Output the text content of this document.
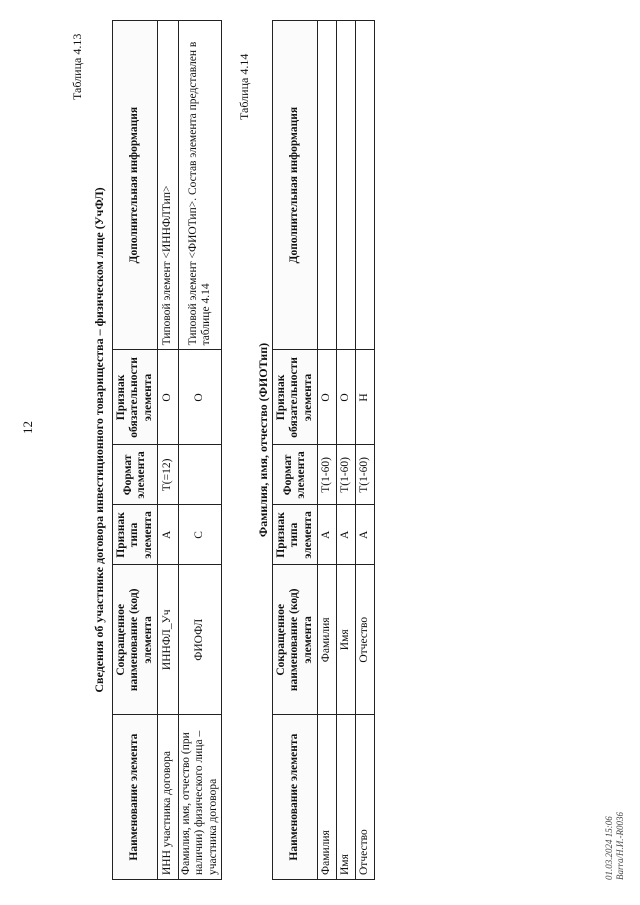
12
Таблица 4.13
Сведения об участнике договора инвестиционного товарищества – физическом лице (УчФЛ)
Наименование элемента	Сокращенное наименование (код) элемента	Признак типа элемента	Формат элемента	Признак обязательности элемента	Дополнительная информация
ИНН участника договора	ИННФЛ_Уч	А	T(=12)	О	Типовой элемент <ИННФЛТип>
Фамилия, имя, отчество (при наличии) физического лица – участника договора	ФИОФЛ	С		О	Типовой элемент <ФИОТип>. Состав элемента представлен в таблице 4.14
Таблица 4.14
Фамилия, имя, отчество (ФИОТип)
Наименование элемента	Сокращенное наименование (код) элемента	Признак типа элемента	Формат элемента	Признак обязательности элемента	Дополнительная информация
Фамилия	Фамилия	А	T(1-60)	О	
Имя	Имя	А	T(1-60)	О	
Отчество	Отчество	А	T(1-60)	Н	
01.03.2024 15:06 Barra/Н.И.-R0036
